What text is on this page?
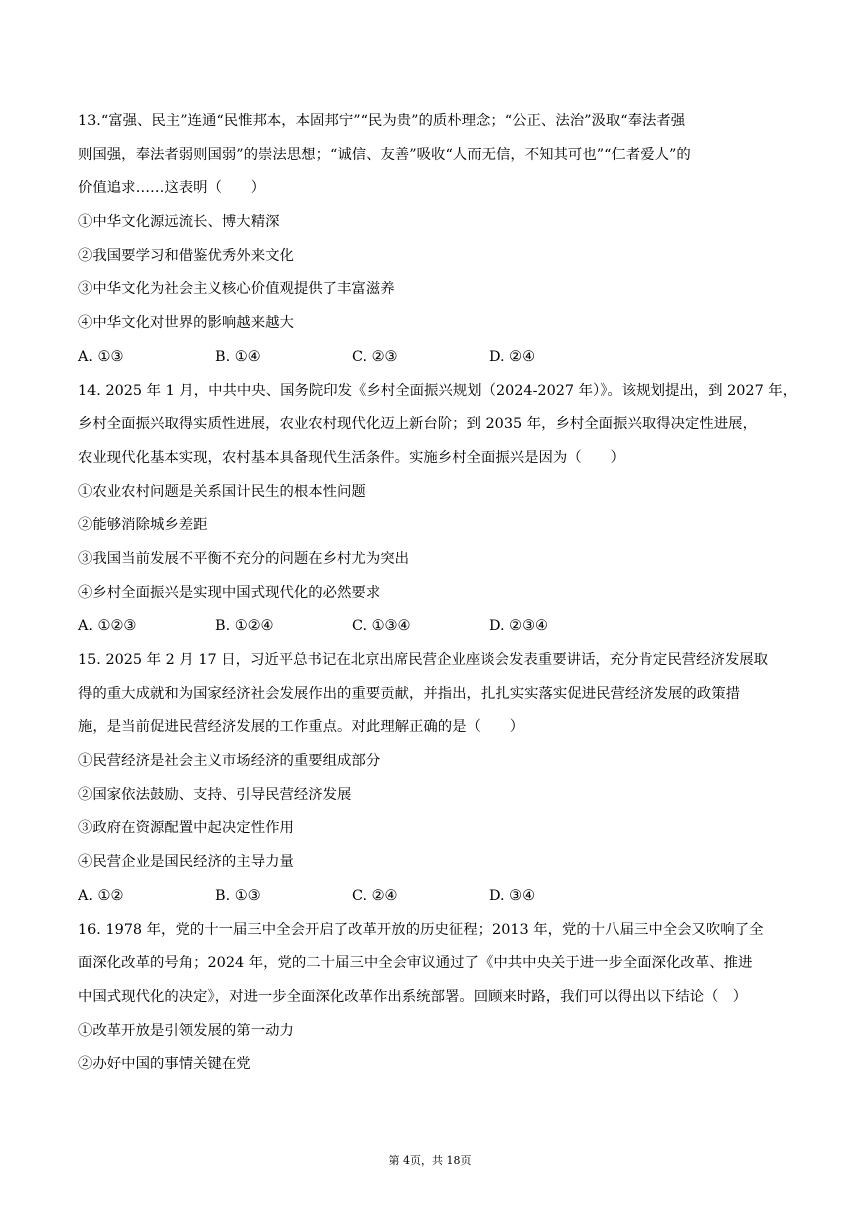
13.“富强、民主”连通“民惟邦本，本固邦宁”“民为贵”的质朴理念；“公正、法治”汲取“奉法者强

则国强，奉法者弱则国弱”的崇法思想；“诚信、友善”吸收“人而无信，不知其可也”“仁者爱人”的

价值追求……这表明（　　）

①中华文化源远流长、博大精深

②我国要学习和借鉴优秀外来文化

③中华文化为社会主义核心价值观提供了丰富滋养

④中华文化对世界的影响越来越大

A. ①③	B. ①④	C. ②③	D. ②④

14. 2025 年 1 月，中共中央、国务院印发《乡村全面振兴规划（2024-2027 年）》。该规划提出，到 2027 年，

乡村全面振兴取得实质性进展，农业农村现代化迈上新台阶；到 2035 年，乡村全面振兴取得决定性进展，

农业现代化基本实现，农村基本具备现代生活条件。实施乡村全面振兴是因为（　　）

①农业农村问题是关系国计民生的根本性问题

②能够消除城乡差距

③我国当前发展不平衡不充分的问题在乡村尤为突出

④乡村全面振兴是实现中国式现代化的必然要求

A. ①②③	B. ①②④	C. ①③④	D. ②③④

15. 2025 年 2 月 17 日，习近平总书记在北京出席民营企业座谈会发表重要讲话，充分肯定民营经济发展取

得的重大成就和为国家经济社会发展作出的重要贡献，并指出，扎扎实实落实促进民营经济发展的政策措

施，是当前促进民营经济发展的工作重点。对此理解正确的是（　　）

①民营经济是社会主义市场经济的重要组成部分

②国家依法鼓励、支持、引导民营经济发展

③政府在资源配置中起决定性作用

④民营企业是国民经济的主导力量

A. ①②	B. ①③	C. ②④	D. ③④

16. 1978 年，党的十一届三中全会开启了改革开放的历史征程；2013 年，党的十八届三中全会又吹响了全

面深化改革的号角；2024 年，党的二十届三中全会审议通过了《中共中央关于进一步全面深化改革、推进

中国式现代化的决定》，对进一步全面深化改革作出系统部署。回顾来时路，我们可以得出以下结论（　）

①改革开放是引领发展的第一动力

②办好中国的事情关键在党

第 4页，共 18页
